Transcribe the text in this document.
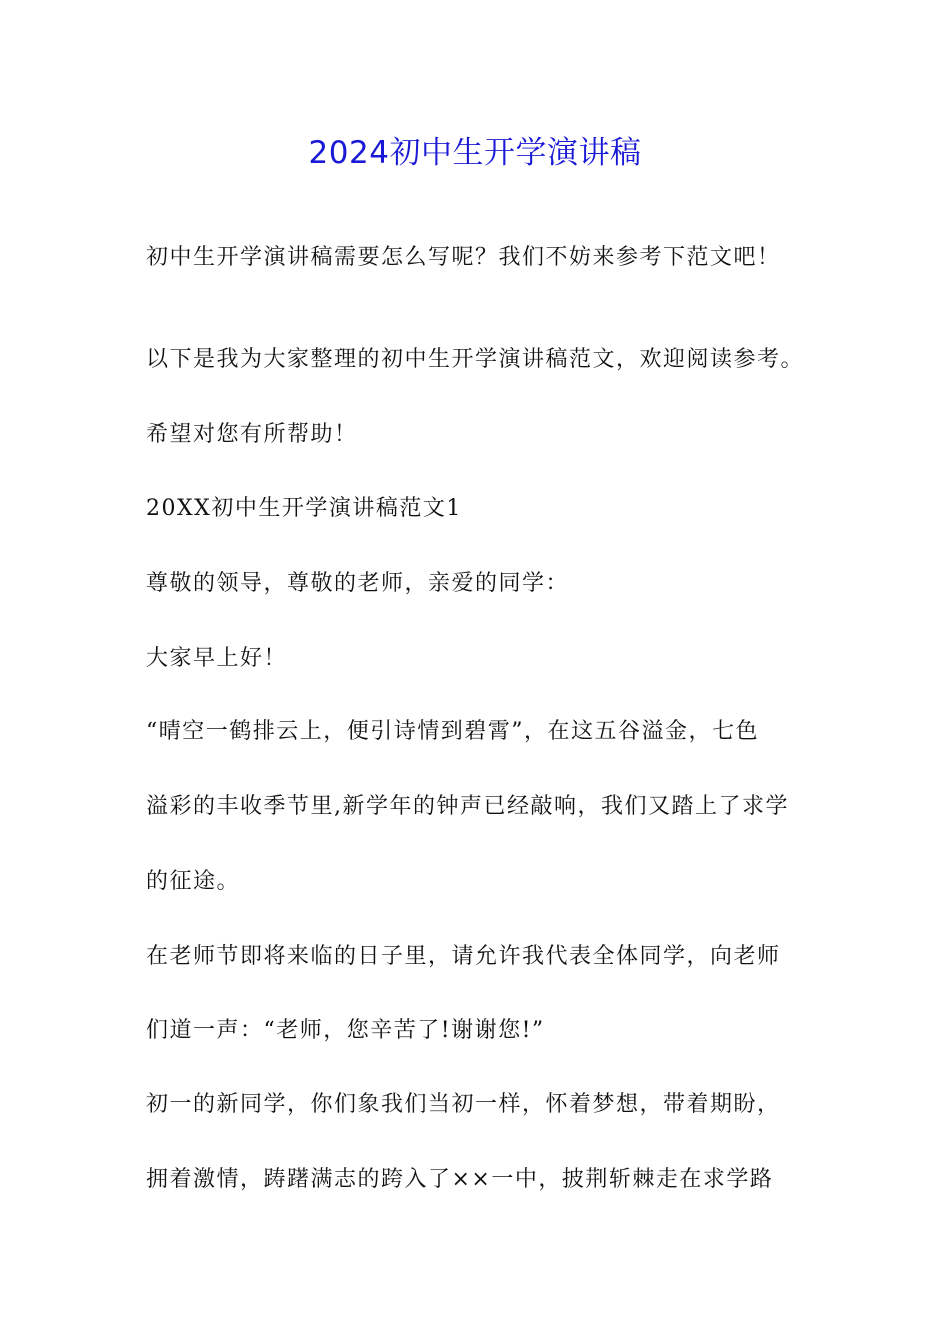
2024初中生开学演讲稿

初中生开学演讲稿需要怎么写呢？我们不妨来参考下范文吧！

以下是我为大家整理的初中生开学演讲稿范文，欢迎阅读参考。

希望对您有所帮助！

20XX初中生开学演讲稿范文1

尊敬的领导，尊敬的老师，亲爱的同学：

大家早上好！

“晴空一鹤排云上，便引诗情到碧霄”，在这五谷溢金，七色

溢彩的丰收季节里,新学年的钟声已经敲响，我们又踏上了求学

的征途。

在老师节即将来临的日子里，请允许我代表全体同学，向老师

们道一声：“老师，您辛苦了!谢谢您!”

初一的新同学，你们象我们当初一样，怀着梦想，带着期盼，

拥着激情，踌躇满志的跨入了××一中，披荆斩棘走在求学路
